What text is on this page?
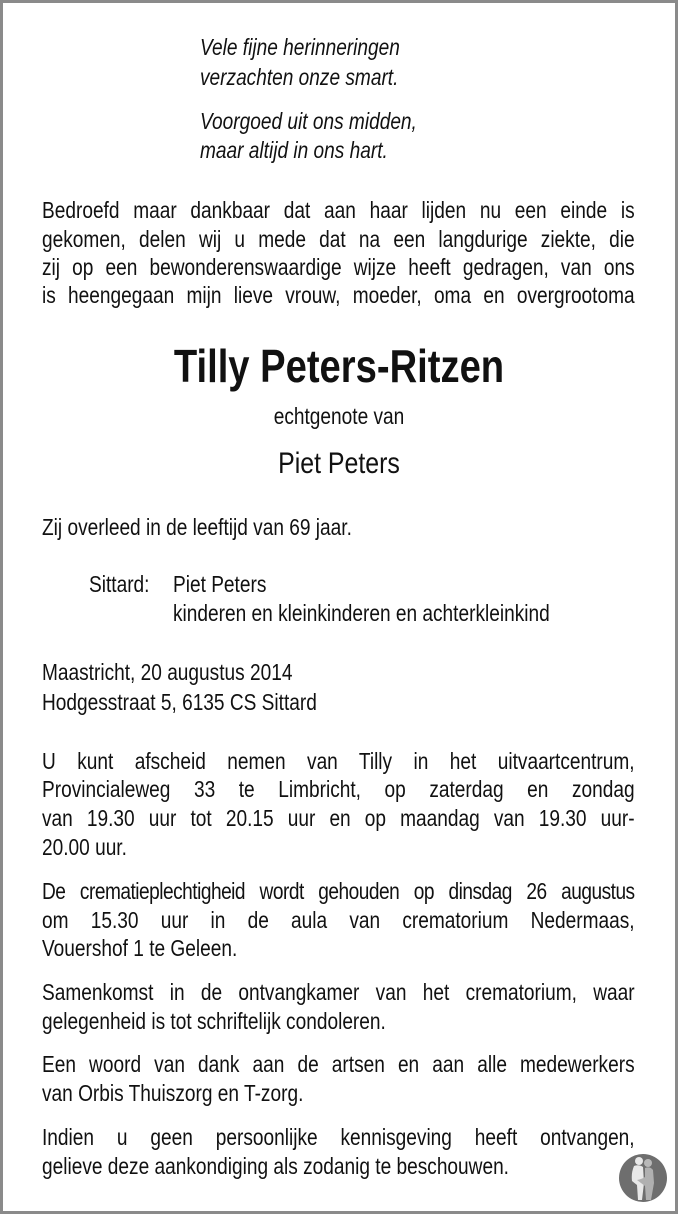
Vele fijne herinneringen
verzachten onze smart.
Voorgoed uit ons midden,
maar altijd in ons hart.
Bedroefd maar dankbaar dat aan haar lijden nu een einde is
gekomen, delen wij u mede dat na een langdurige ziekte, die
zij op een bewonderenswaardige wijze heeft gedragen, van ons
is heengegaan mijn lieve vrouw, moeder, oma en overgrootoma
Tilly Peters-Ritzen
echtgenote van
Piet Peters
Zij overleed in de leeftijd van 69 jaar.
Sittard: Piet Peters
kinderen en kleinkinderen en achterkleinkind
Maastricht, 20 augustus 2014
Hodgesstraat 5, 6135 CS Sittard
U kunt afscheid nemen van Tilly in het uitvaartcentrum,
Provincialeweg 33 te Limbricht, op zaterdag en zondag
van 19.30 uur tot 20.15 uur en op maandag van 19.30 uur-
20.00 uur.
De crematieplechtigheid wordt gehouden op dinsdag 26 augustus
om 15.30 uur in de aula van crematorium Nedermaas,
Vouershof 1 te Geleen.
Samenkomst in de ontvangkamer van het crematorium, waar
gelegenheid is tot schriftelijk condoleren.
Een woord van dank aan de artsen en aan alle medewerkers
van Orbis Thuiszorg en T-zorg.
Indien u geen persoonlijke kennisgeving heeft ontvangen,
gelieve deze aankondiging als zodanig te beschouwen.
